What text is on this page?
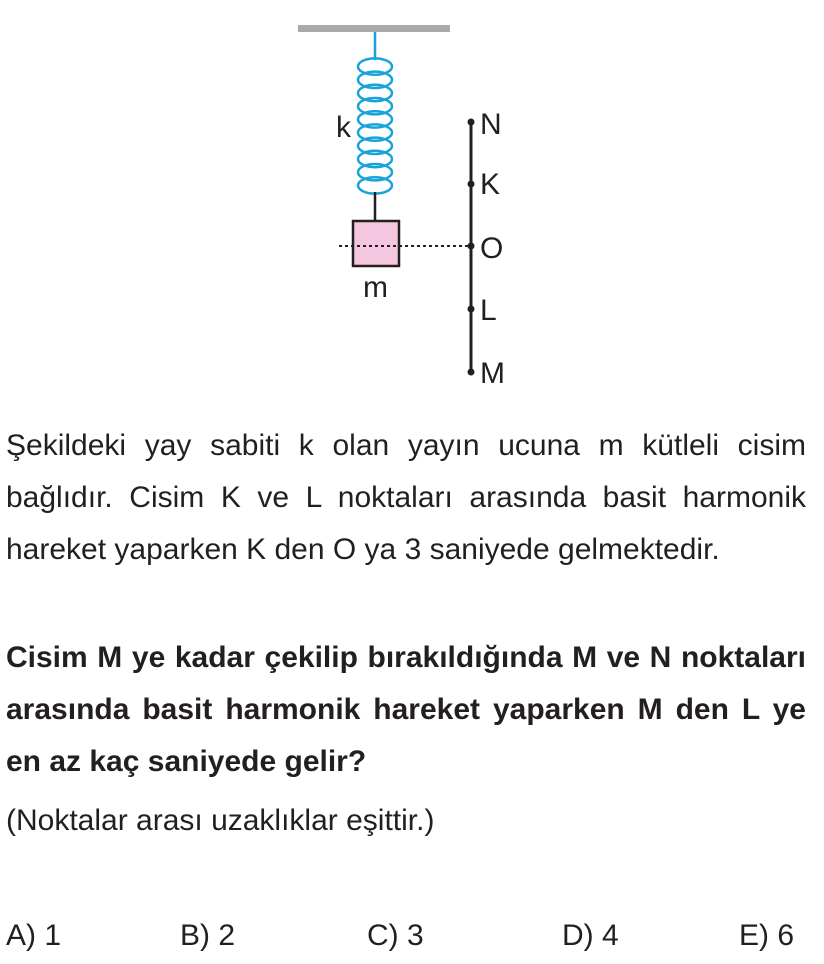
k
m
N
K
O
L
M

Şekildeki yay sabiti k olan yayın ucuna m kütleli cisim bağlıdır. Cisim K ve L noktaları arasında basit harmonik hareket yaparken K den O ya 3 saniyede gelmektedir.

Cisim M ye kadar çekilip bırakıldığında M ve N noktaları arasında basit harmonik hareket yaparken M den L ye en az kaç saniyede gelir?

(Noktalar arası uzaklıklar eşittir.)

A) 1	B) 2	C) 3	D) 4	E) 6
